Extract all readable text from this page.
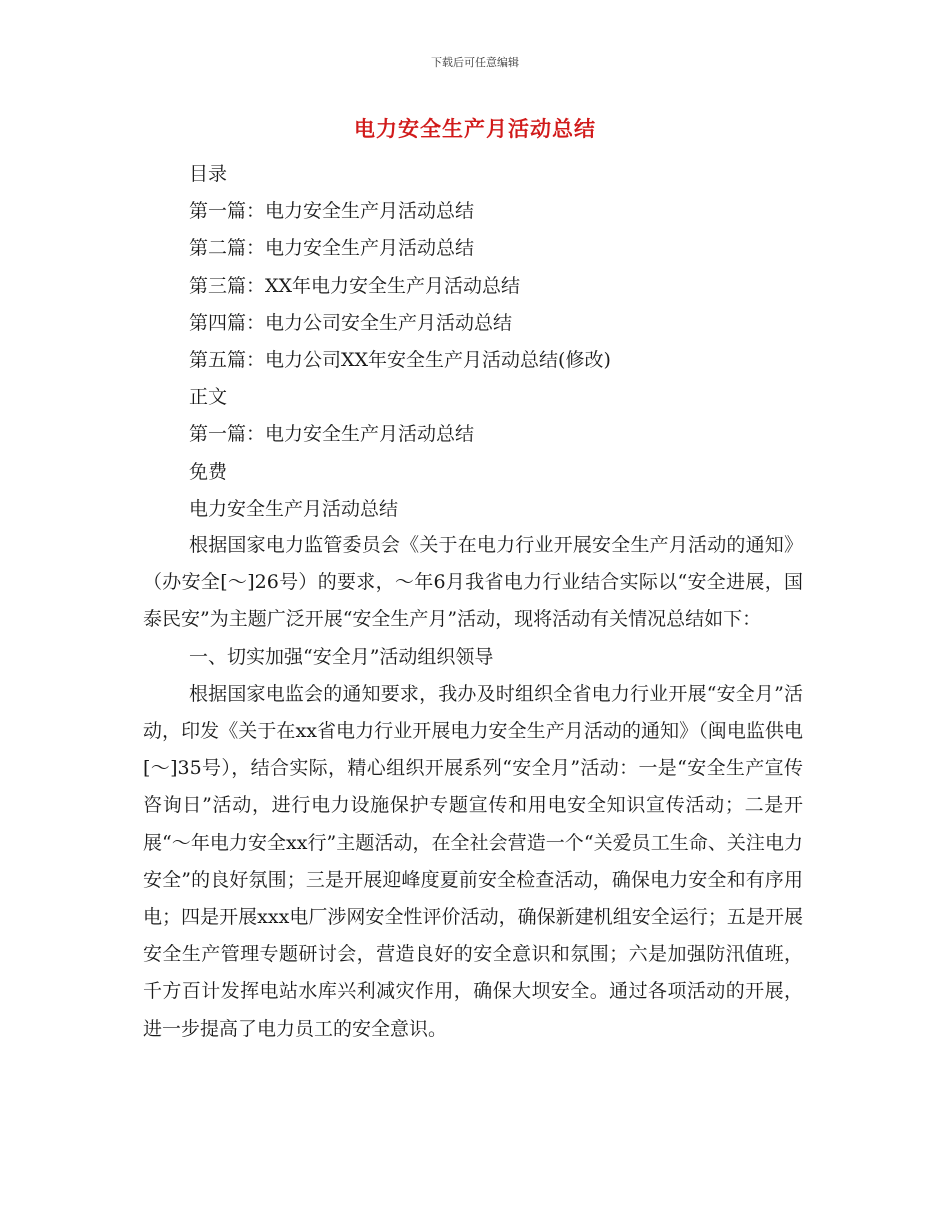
下载后可任意编辑
电力安全生产月活动总结
目录
第一篇：电力安全生产月活动总结
第二篇：电力安全生产月活动总结
第三篇：XX年电力安全生产月活动总结
第四篇：电力公司安全生产月活动总结
第五篇：电力公司XX年安全生产月活动总结(修改)
正文
第一篇：电力安全生产月活动总结
免费
电力安全生产月活动总结

根据国家电力监管委员会《关于在电力行业开展安全生产月活动的通知》（办安全[～]26号）的要求，～年6月我省电力行业结合实际以“安全进展，国泰民安”为主题广泛开展“安全生产月”活动，现将活动有关情况总结如下：

一、切实加强“安全月”活动组织领导

根据国家电监会的通知要求，我办及时组织全省电力行业开展“安全月”活动，印发《关于在xx省电力行业开展电力安全生产月活动的通知》（闽电监供电[～]35号），结合实际，精心组织开展系列“安全月”活动：一是“安全生产宣传咨询日”活动，进行电力设施保护专题宣传和用电安全知识宣传活动；二是开展“～年电力安全xx行”主题活动，在全社会营造一个“关爱员工生命、关注电力安全”的良好氛围；三是开展迎峰度夏前安全检查活动，确保电力安全和有序用电；四是开展xxx电厂涉网安全性评价活动，确保新建机组安全运行；五是开展安全生产管理专题研讨会，营造良好的安全意识和氛围；六是加强防汛值班，千方百计发挥电站水库兴利减灾作用，确保大坝安全。通过各项活动的开展，进一步提高了电力员工的安全意识。
